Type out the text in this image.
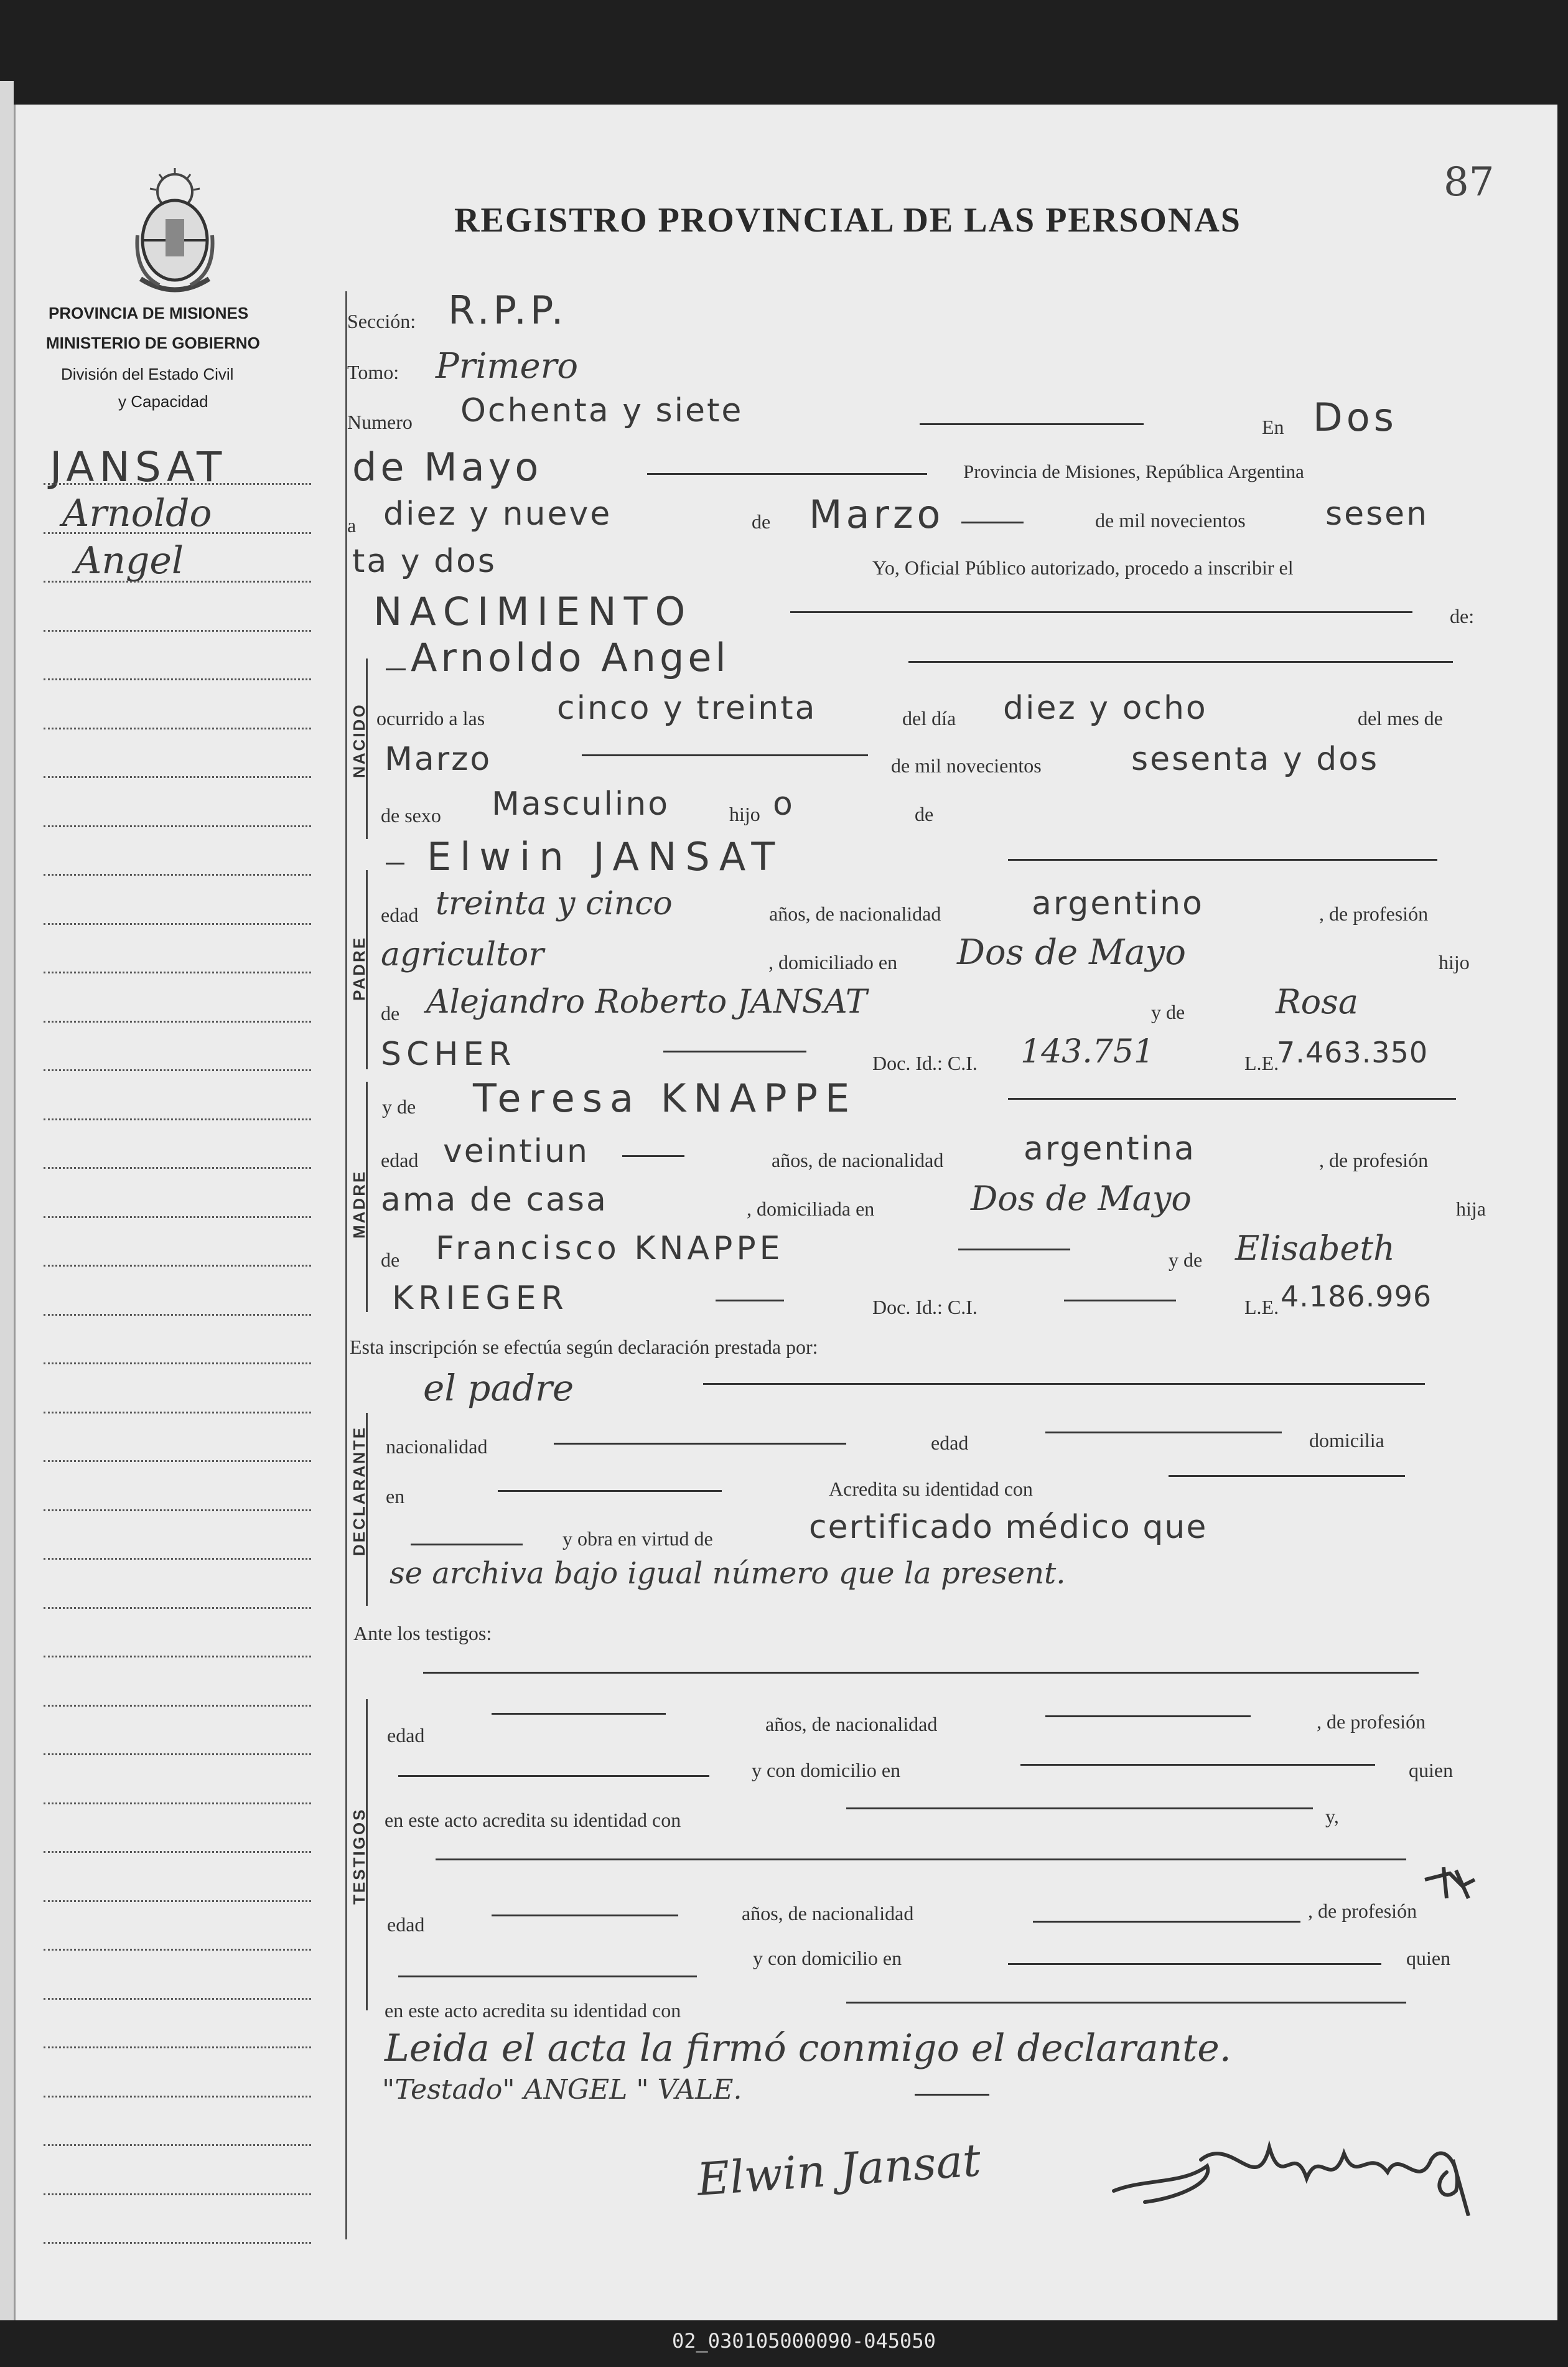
87
PROVINCIA DE MISIONES
MINISTERIO DE GOBIERNO
División del Estado Civil
y Capacidad
REGISTRO PROVINCIAL DE LAS PERSONAS
JANSAT
Arnoldo
Angel
Sección: R.P.P.
Tomo: Primero
Numero Ochenta y siete	En Dos
de Mayo	Provincia de Misiones, República Argentina
a diez y nueve	de Marzo	de mil novecientos sesen
ta y dos	Yo, Oficial Público autorizado, procedo a inscribir el
NACIMIENTO	de:
NACIDO
Arnoldo Angel
ocurrido a las cinco y treinta	del día diez y ocho	del mes de
Marzo	de mil novecientos	sesenta y dos
de sexo Masculino	hijo o	de
PADRE
Elwin JANSAT
edad treinta y cinco	años, de nacionalidad	argentino	, de profesión
agricultor	, domiciliado en Dos de Mayo	hijo
de Alejandro Roberto JANSAT	y de	Rosa
SCHER	Doc. Id.: C.I. 143.751	L.E.
7.463.350
MADRE
y de Teresa KNAPPE
edad veintiun	años, de nacionalidad argentina	, de profesión
ama de casa	, domiciliada en	Dos de Mayo	hija
de Francisco KNAPPE	y de Elisabeth
KRIEGER	Doc. Id.: C.I.	L.E. 4.186.996
Esta inscripción se efectúa según declaración prestada por:
el padre
DECLARANTE nacionalidad	edad	domicilia
en	Acredita su identidad con
y obra en virtud de	certificado médico que
se archiva bajo igual número que la present.
Ante los testigos:
TESTIGOS
edad	años, de nacionalidad	, de profesión
y con domicilio en	quien
en este acto acredita su identidad con	y,
edad	años, de nacionalidad	, de profesión
y con domicilio en	quien
en este acto acredita su identidad con
Leida el acta la firmó conmigo el declarante.
"Testado" ANGEL " VALE.
Elwin Jansat
02_030105000090-045050
